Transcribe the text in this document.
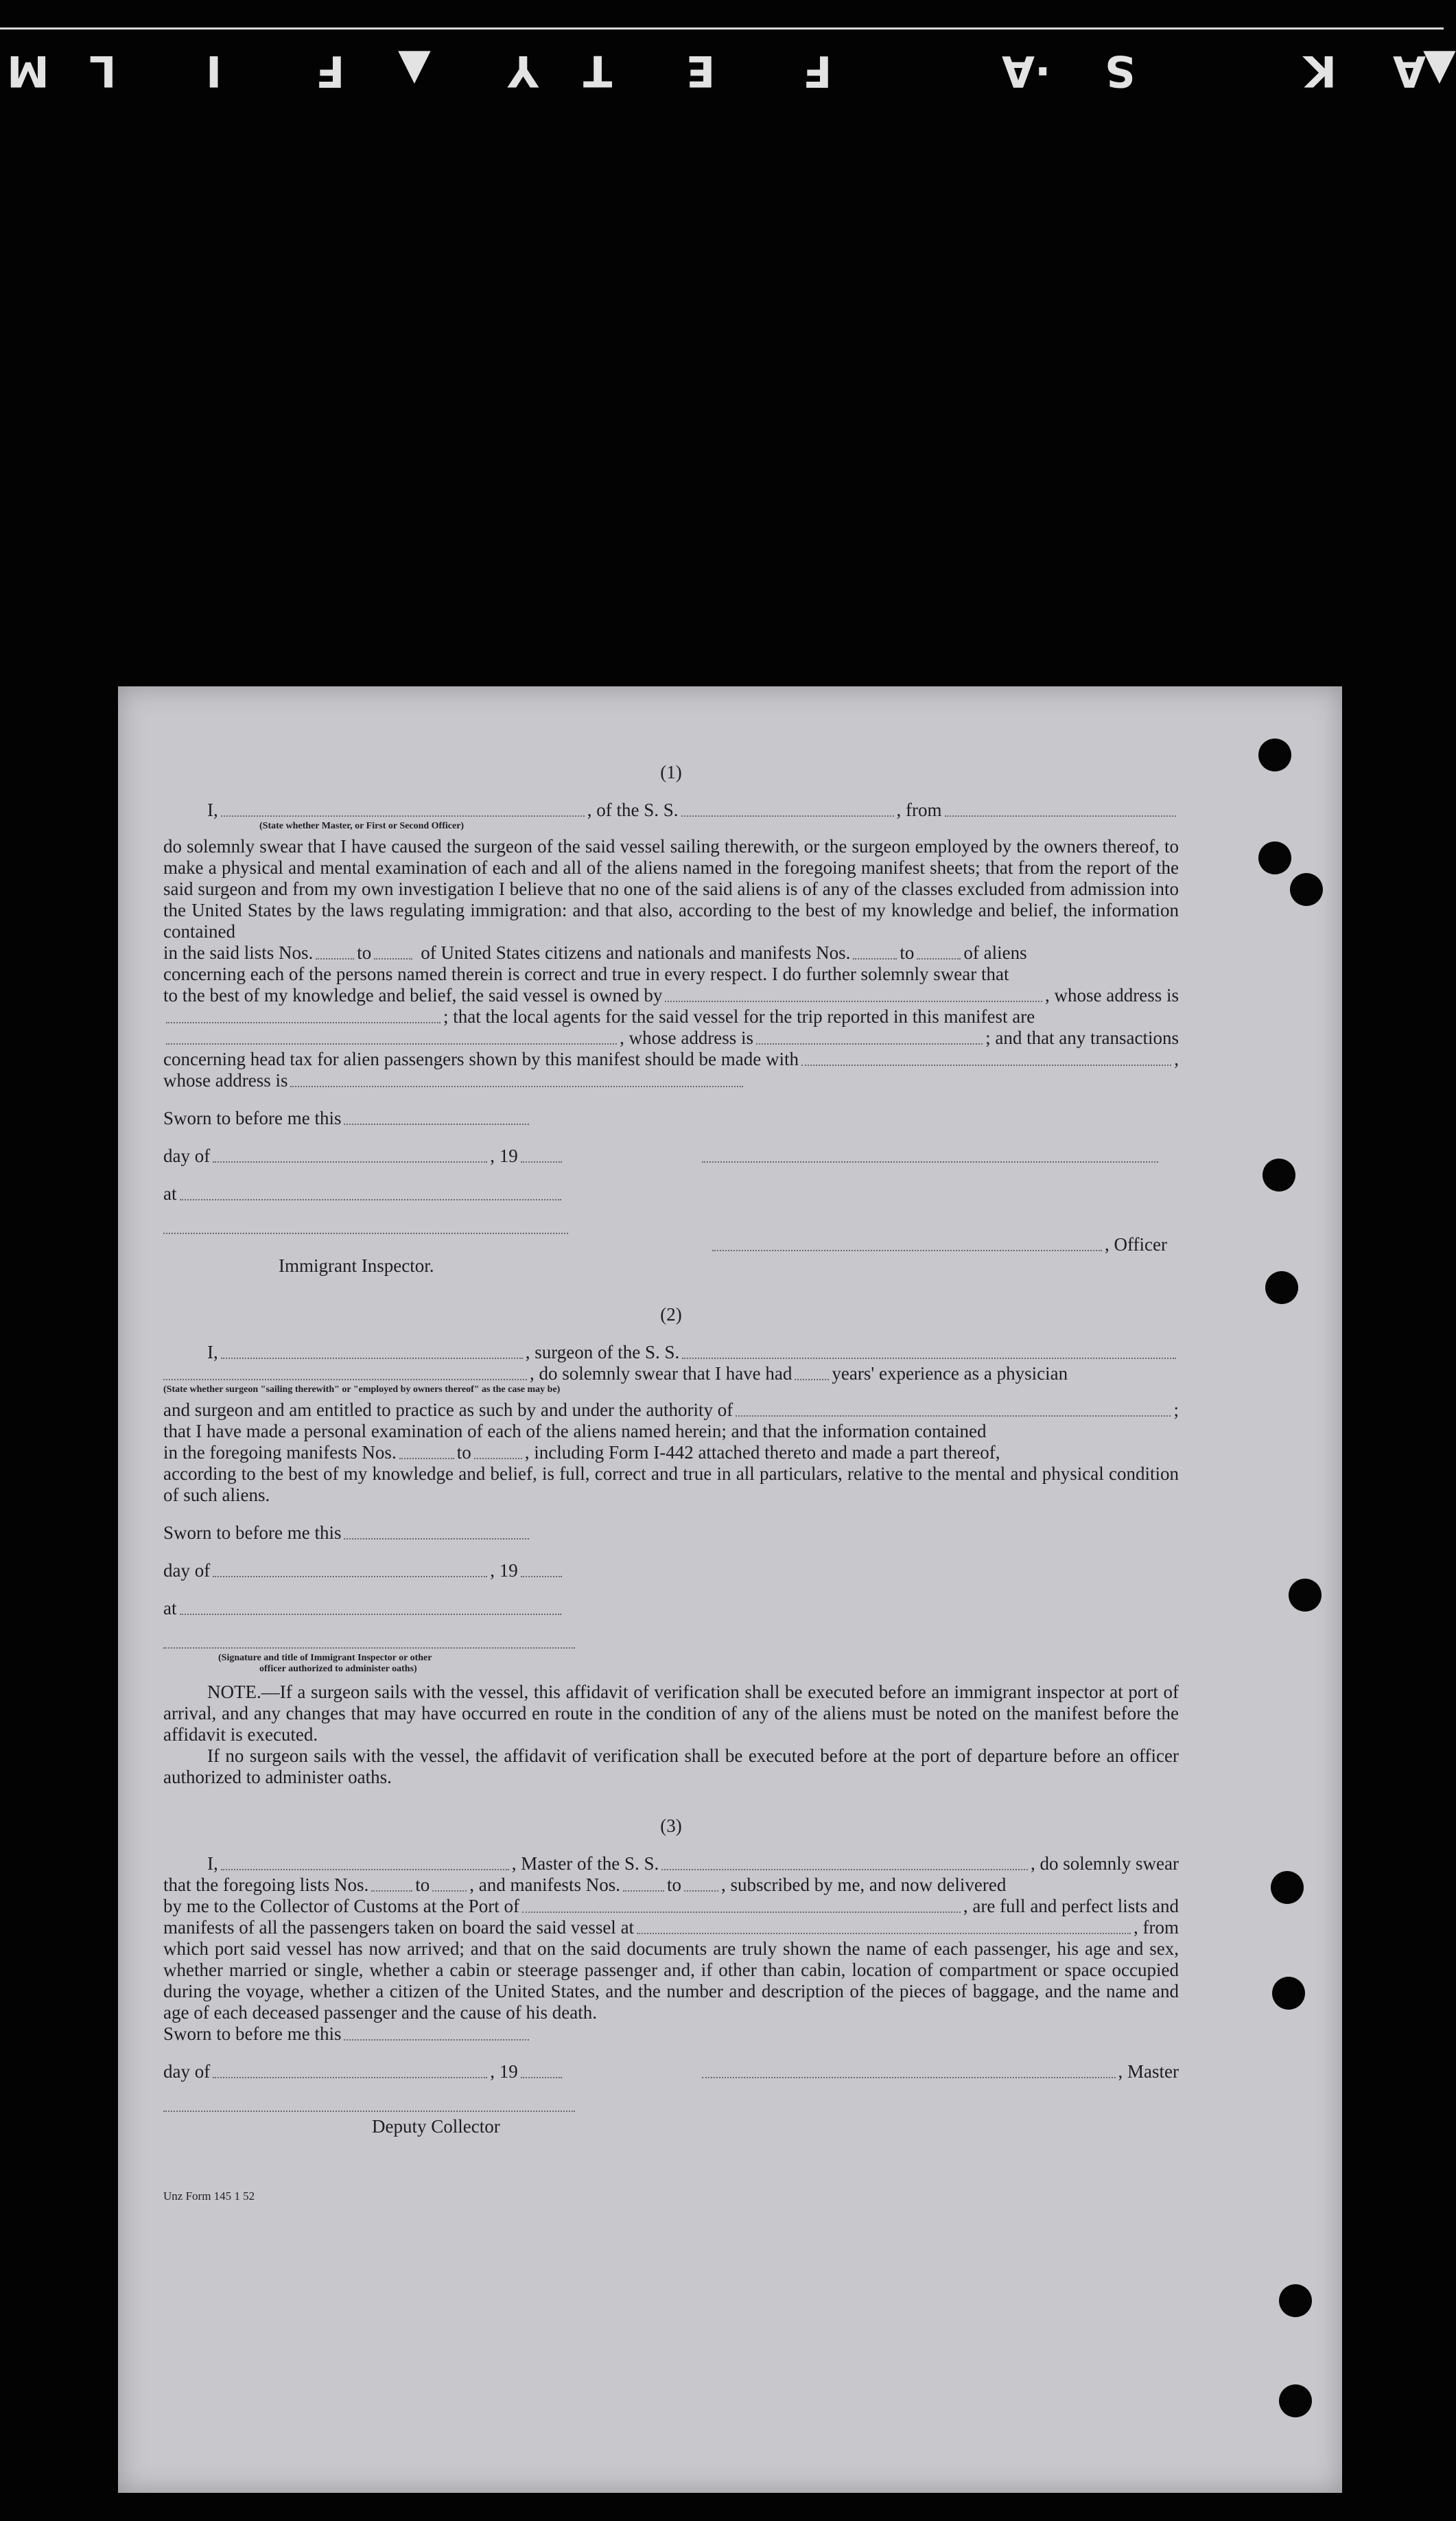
A
K
S
·A
F
E
T
Y
▲
F
I
L
M	▲

(1)

I,	, of the S. S.	, from
(State whether Master, or First or Second Officer)

do solemnly swear that I have caused the surgeon of the said vessel sailing therewith, or the surgeon employed by the owners thereof, to make a physical and mental examination of each and all of the aliens named in the foregoing manifest sheets; that from the report of the said surgeon and from my own investigation I believe that no one of the said aliens is of any of the classes excluded from admission into the United States by the laws regulating immigration: and that also, according to the best of my knowledge and belief, the information contained

in the said lists Nos. to	of United States citizens and nationals and manifests Nos.	to	of aliens

concerning each of the persons named therein is correct and true in every respect. I do further solemnly swear that

to the best of my knowledge and belief, the said vessel is owned by	, whose address is
; that the local agents for the said vessel for the trip reported in this manifest are
, whose address is	; and that any transactions
concerning head tax for alien passengers shown by this manifest should be made with	,
whose address is
Sworn to before me this
day of	, 19
at
, Officer
Immigrant Inspector.

(2)

I,	, surgeon of the S. S.
, do solemnly swear that I have had years' experience as a physician
(State whether surgeon "sailing therewith" or "employed by owners thereof" as the case may be)
and surgeon and am entitled to practice as such by and under the authority of	;

that I have made a personal examination of each of the aliens named herein; and that the information contained

in the foregoing manifests Nos.	to	, including Form I-442 attached thereto and made a part thereof,

according to the best of my knowledge and belief, is full, correct and true in all particulars, relative to the mental and physical condition of such aliens.

Sworn to before me this
day of	, 19
at
(Signature and title of Immigrant Inspector or other
officer authorized to administer oaths)

NOTE.—If a surgeon sails with the vessel, this affidavit of verification shall be executed before an immigrant inspector at port of arrival, and any changes that may have occurred en route in the condition of any of the aliens must be noted on the manifest before the affidavit is executed.

If no surgeon sails with the vessel, the affidavit of verification shall be executed before at the port of departure before an officer authorized to administer oaths.

(3)

I,	, Master of the S. S.	, do solemnly swear
that the foregoing lists Nos.	to , and manifests Nos.	to , subscribed by me, and now delivered
by me to the Collector of Customs at the Port of	, are full and perfect lists and
manifests of all the passengers taken on board the said vessel at	, from

which port said vessel has now arrived; and that on the said documents are truly shown the name of each passenger, his age and sex, whether married or single, whether a cabin or steerage passenger and, if other than cabin, location of compartment or space occupied during the voyage, whether a citizen of the United States, and the number and description of the pieces of baggage, and the name and age of each deceased passenger and the cause of his death.

Sworn to before me this
day of	, 19	, Master
Deputy Collector
Unz Form 145 1 52
